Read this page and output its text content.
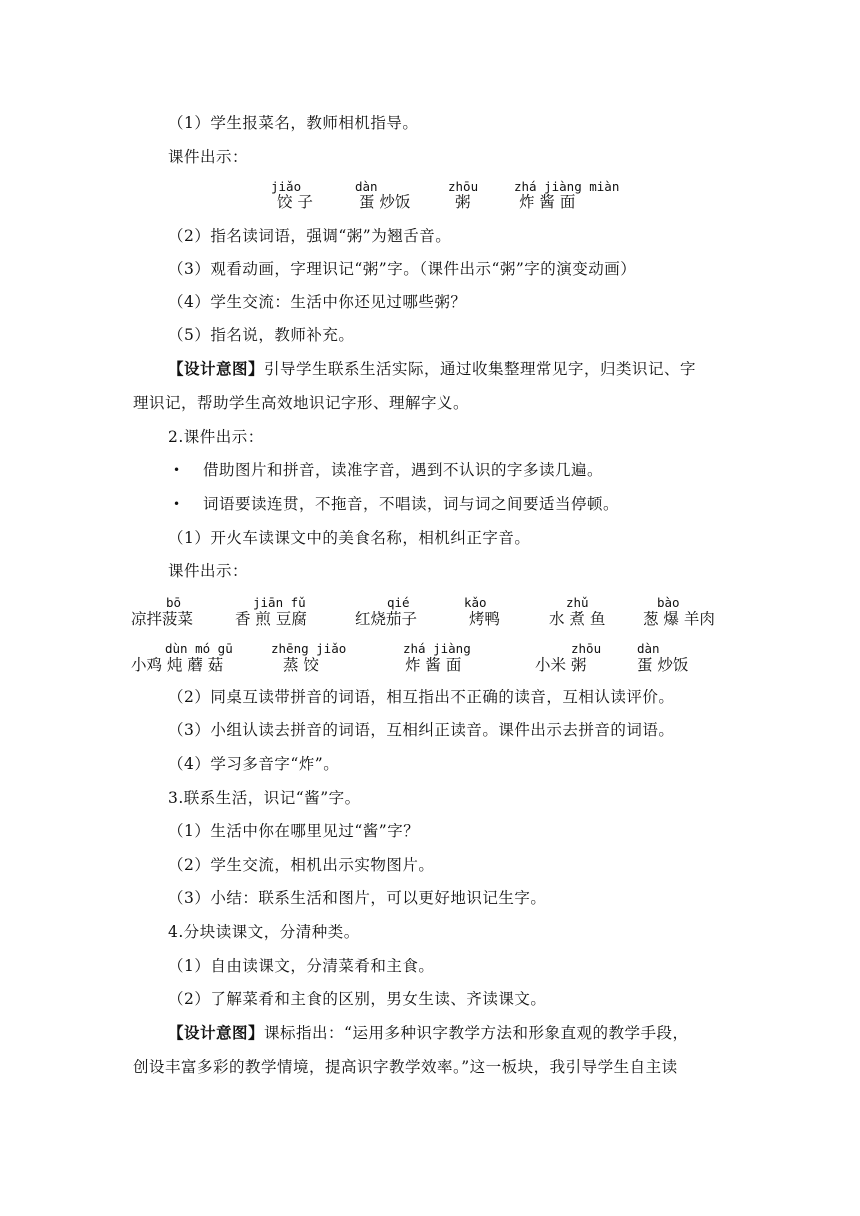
（1）学生报菜名，教师相机指导。
课件出示：
jiǎo
饺 子
dàn
蛋 炒饭
zhōu
粥
zhá jiàng miàn
炸 酱 面
（2）指名读词语，强调“粥”为翘舌音。
（3）观看动画，字理识记“粥”字。（课件出示“粥”字的演变动画）
（4）学生交流：生活中你还见过哪些粥？
（5）指名说，教师补充。
【设计意图】引导学生联系生活实际，通过收集整理常见字，归类识记、字
理识记，帮助学生高效地识记字形、理解字义。
2.课件出示：
• 借助图片和拼音，读准字音，遇到不认识的字多读几遍。
• 词语要读连贯，不拖音，不唱读，词与词之间要适当停顿。
（1）开火车读课文中的美食名称，相机纠正字音。
课件出示：
bō
凉拌菠菜
jiān fǔ
香 煎 豆腐
qié
红烧茄子
kǎo
烤鸭
zhǔ
水 煮 鱼
bào
葱 爆 羊肉
dùn mó gū
小鸡 炖 蘑 菇
zhēng jiǎo
蒸 饺
zhá jiàng
炸 酱 面
zhōu
小米 粥
dàn
蛋 炒饭
（2）同桌互读带拼音的词语，相互指出不正确的读音，互相认读评价。
（3）小组认读去拼音的词语，互相纠正读音。课件出示去拼音的词语。
（4）学习多音字“炸”。
3.联系生活，识记“酱”字。
（1）生活中你在哪里见过“酱”字？
（2）学生交流，相机出示实物图片。
（3）小结：联系生活和图片，可以更好地识记生字。
4.分块读课文，分清种类。
（1）自由读课文，分清菜肴和主食。
（2）了解菜肴和主食的区别，男女生读、齐读课文。
【设计意图】课标指出：“运用多种识字教学方法和形象直观的教学手段，
创设丰富多彩的教学情境，提高识字教学效率。”这一板块，我引导学生自主读
